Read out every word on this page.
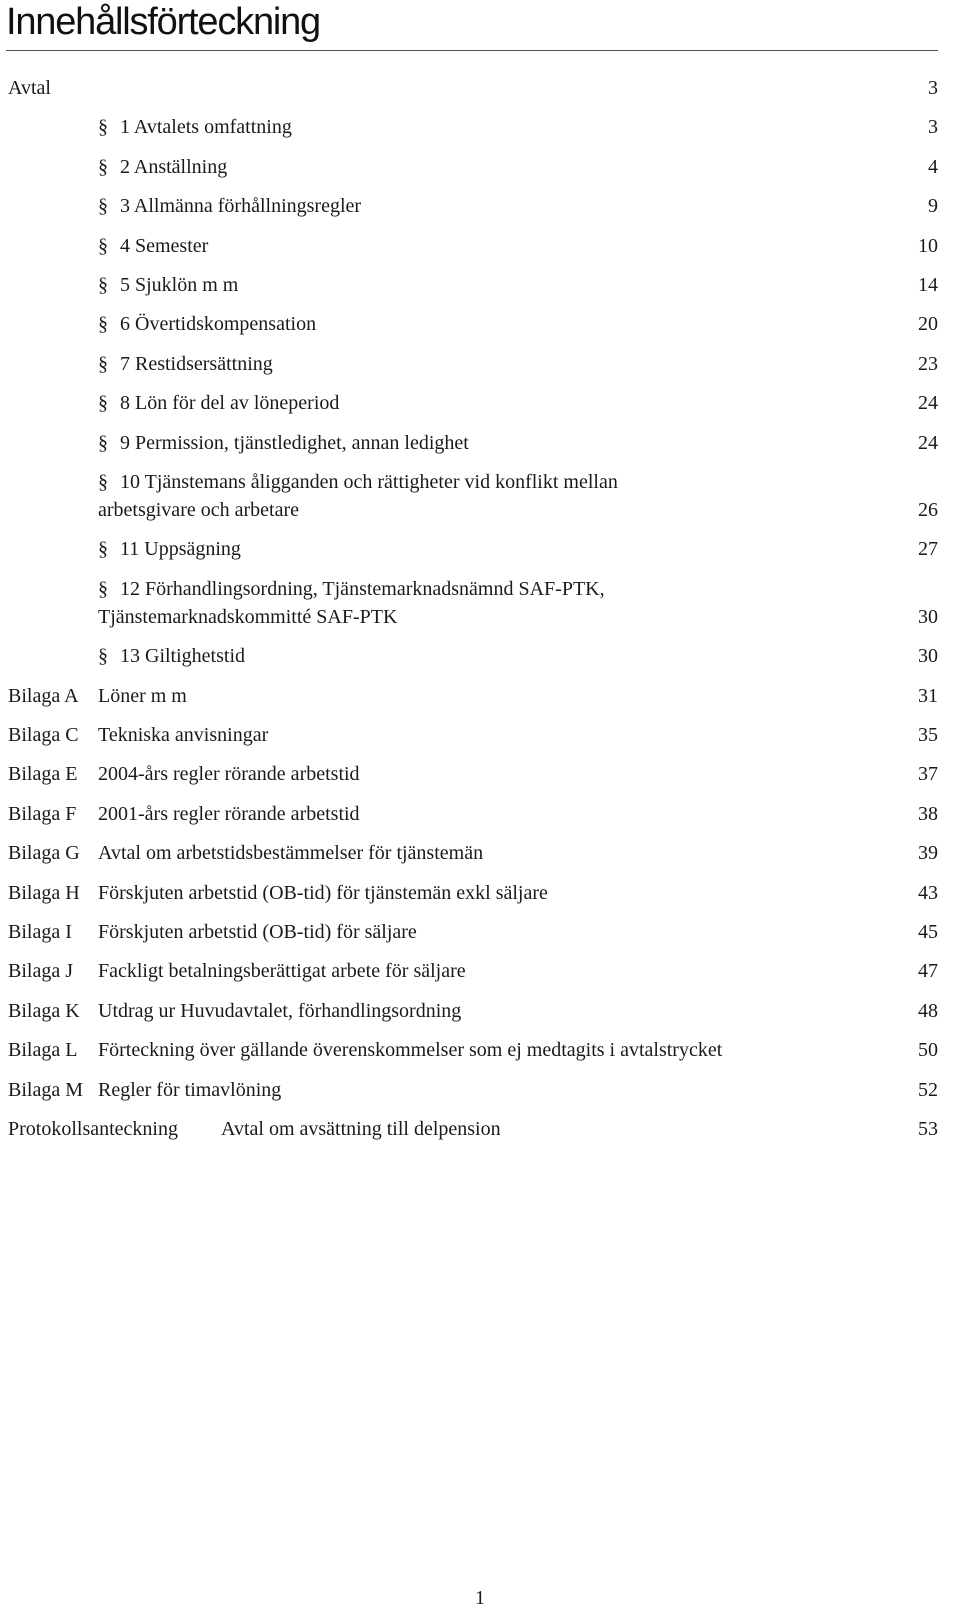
Innehållsförteckning
Avtal	3
§ 1 Avtalets omfattning	3
§ 2 Anställning	4
§ 3 Allmänna förhållningsregler	9
§ 4 Semester	10
§ 5 Sjuklön m m	14
§ 6 Övertidskompensation	20
§ 7 Restidsersättning	23
§ 8 Lön för del av löneperiod	24
§ 9 Permission, tjänstledighet, annan ledighet	24
§ 10 Tjänstemans åligganden och rättigheter vid konflikt mellan
arbetsgivare och arbetare	26
§ 11 Uppsägning	27
§ 12 Förhandlingsordning, Tjänstemarknadsnämnd SAF-PTK,
Tjänstemarknadskommitté SAF-PTK	30
§ 13 Giltighetstid	30
Bilaga A Löner m m	31
Bilaga C Tekniska anvisningar	35
Bilaga E 2004-års regler rörande arbetstid	37
Bilaga F 2001-års regler rörande arbetstid	38
Bilaga G Avtal om arbetstidsbestämmelser för tjänstemän	39
Bilaga H Förskjuten arbetstid (OB-tid) för tjänstemän exkl säljare	43
Bilaga I Förskjuten arbetstid (OB-tid) för säljare	45
Bilaga J Fackligt betalningsberättigat arbete för säljare	47
Bilaga K Utdrag ur Huvudavtalet, förhandlingsordning	48
Bilaga L Förteckning över gällande överenskommelser som ej medtagits i avtalstrycket	50
Bilaga M Regler för timavlöning	52
Protokollsanteckning Avtal om avsättning till delpension	53
1
